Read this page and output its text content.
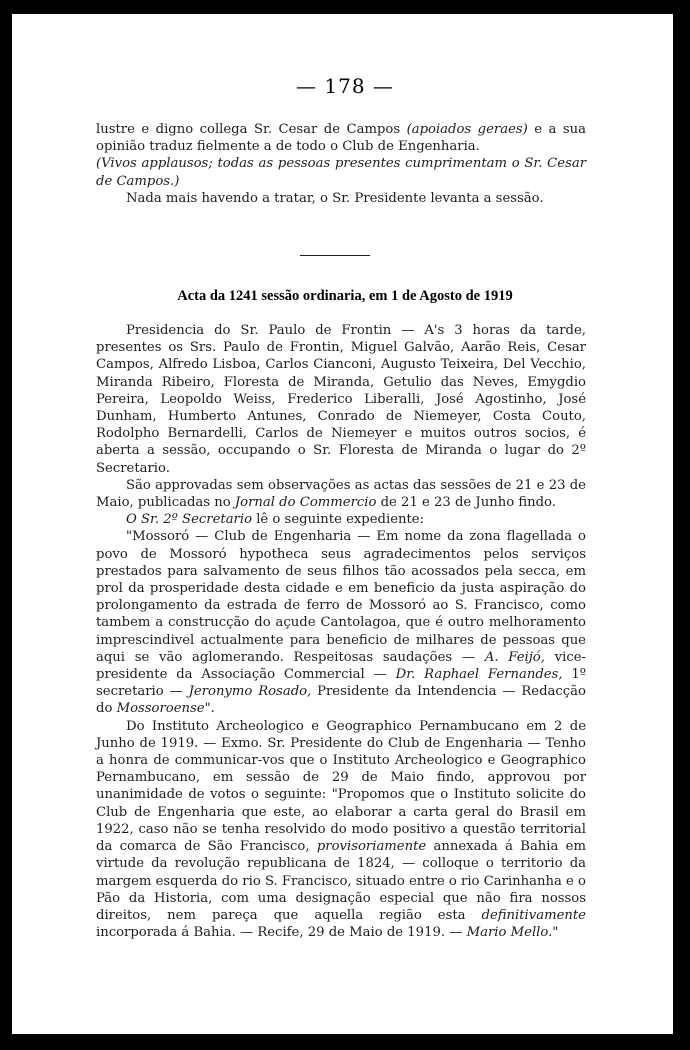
— 178 —

lustre e digno collega Sr. Cesar de Campos (apoiados geraes) e a sua opinião traduz fielmente a de todo o Club de Engenharia.

(Vivos applausos; todas as pessoas presentes cumprimentam o Sr. Cesar de Campos.)

Nada mais havendo a tratar, o Sr. Presidente levanta a sessão.

Acta da 1241 sessão ordinaria, em 1 de Agosto de 1919

Presidencia do Sr. Paulo de Frontin — A's 3 horas da tarde, presentes os Srs. Paulo de Frontin, Miguel Galvão, Aarão Reis, Cesar Campos, Alfredo Lisboa, Carlos Cianconi, Augusto Teixeira, Del Vecchio, Miranda Ribeiro, Floresta de Miranda, Getulio das Neves, Emygdio Pereira, Leopoldo Weiss, Frederico Liberalli, José Agostinho, José Dunham, Humberto Antunes, Conrado de Niemeyer, Costa Couto, Rodolpho Bernardelli, Carlos de Niemeyer e muitos outros socios, é aberta a sessão, occupando o Sr. Floresta de Miranda o lugar do 2º Secretario.

São approvadas sem observações as actas das sessões de 21 e 23 de Maio, publicadas no Jornal do Commercio de 21 e 23 de Junho findo.

O Sr. 2º Secretario lê o seguinte expediente:

"Mossoró — Club de Engenharia — Em nome da zona flagellada o povo de Mossoró hypotheca seus agradecimentos pelos serviços prestados para salvamento de seus filhos tão acossados pela secca, em prol da prosperidade desta cidade e em beneficio da justa aspiração do prolongamento da estrada de ferro de Mossoró ao S. Francisco, como tambem a construcção do açude Cantolagoa, que é outro melhoramento imprescindivel actualmente para beneficio de milhares de pessoas que aqui se vão aglomerando. Respeitosas saudações — A. Feijó, vice-presidente da Associação Commercial — Dr. Raphael Fernandes, 1º secretario — Jeronymo Rosado, Presidente da Intendencia — Redacção do Mossoroense".

Do Instituto Archeologico e Geographico Pernambucano em 2 de Junho de 1919. — Exmo. Sr. Presidente do Club de Engenharia — Tenho a honra de communicar-vos que o Instituto Archeologico e Geographico Pernambucano, em sessão de 29 de Maio findo, approvou por unanimidade de votos o seguinte: "Propomos que o Instituto solicite do Club de Engenharia que este, ao elaborar a carta geral do Brasil em 1922, caso não se tenha resolvido do modo positivo a questão territorial da comarca de São Francisco, provisoriamente annexada á Bahia em virtude da revolução republicana de 1824, — colloque o territorio da margem esquerda do rio S. Francisco, situado entre o rio Carinhanha e o Pão da Historia, com uma designação especial que não fira nossos direitos, nem pareça que aquella região esta definitivamente incorporada á Bahia. — Recife, 29 de Maio de 1919. — Mario Mello."
